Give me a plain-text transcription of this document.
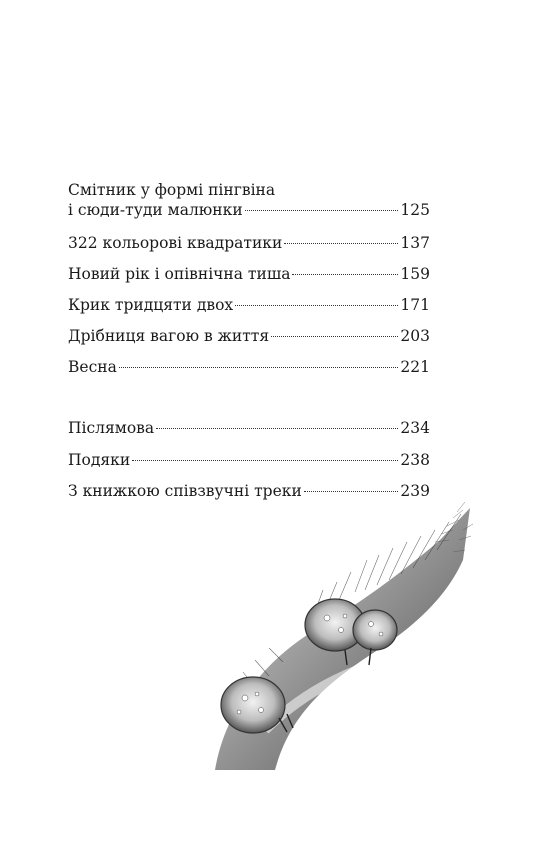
Смітник у формі пінгвіна
і сюди-туди малюнки	125
322 кольорові квадратики	137
Новий рік і опівнічна тиша	159
Крик тридцяти двох	171
Дрібниця вагою в життя	203
Весна	221
Післямова	234
Подяки	238
З книжкою співзвучні треки	239
